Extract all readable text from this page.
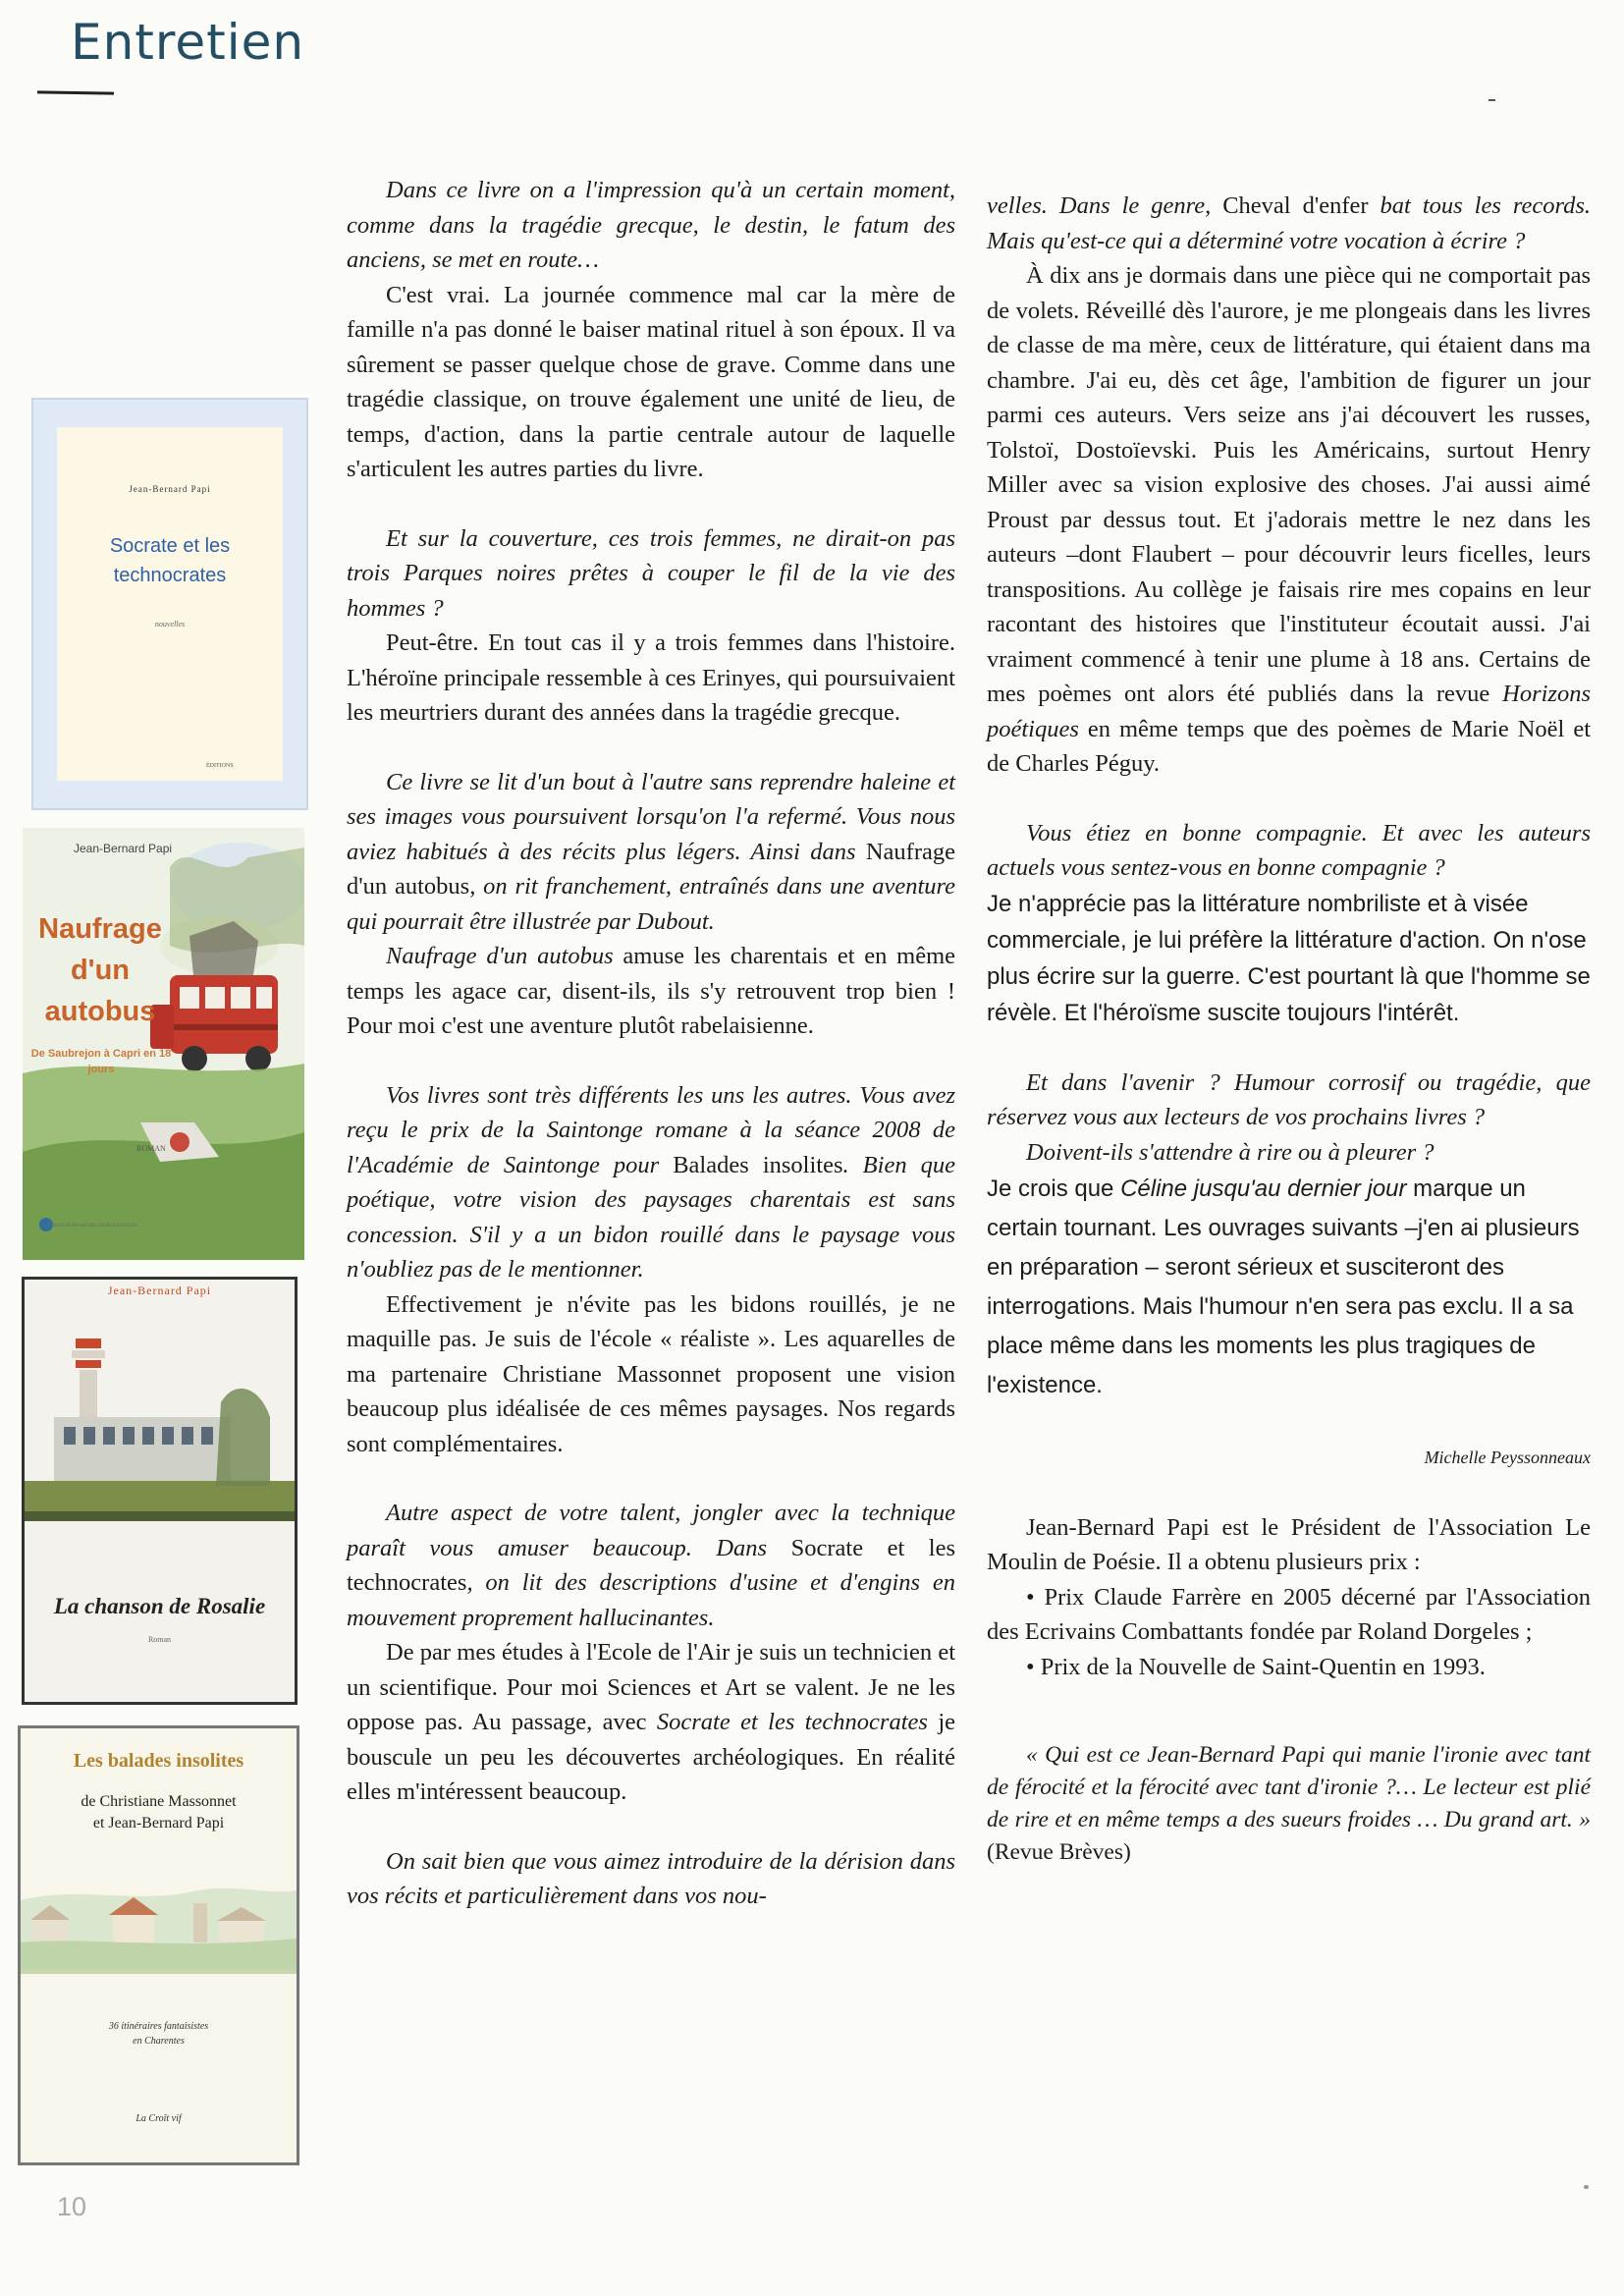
Entretien
Jean-Bernard Papi
Socrate et les technocrates
nouvelles
ÉDITIONS
Jean-Bernard Papi
Naufrage d'un autobus
De Saubrejon à Capri en 18 jours
ROMAN
ÉDITIONS JEAN-MICHEL BORDESSOULES
Jean-Bernard Papi
La chanson de Rosalie
Roman
Les balades insolites
de Christiane Massonnet
et Jean-Bernard Papi
36 itinéraires fantaisistes
en Charentes
La Croît vif

Dans ce livre on a l'impression qu'à un certain moment, comme dans la tragédie grecque, le destin, le fatum des anciens, se met en route…

C'est vrai. La journée commence mal car la mère de famille n'a pas donné le baiser matinal rituel à son époux. Il va sûrement se passer quelque chose de grave. Comme dans une tragédie classique, on trouve également une unité de lieu, de temps, d'action, dans la partie centrale autour de laquelle s'articulent les autres parties du livre.

Et sur la couverture, ces trois femmes, ne dirait-on pas trois Parques noires prêtes à couper le fil de la vie des hommes ?

Peut-être. En tout cas il y a trois femmes dans l'histoire. L'héroïne principale ressemble à ces Erinyes, qui poursuivaient les meurtriers durant des années dans la tragédie grecque.

Ce livre se lit d'un bout à l'autre sans reprendre haleine et ses images vous poursuivent lorsqu'on l'a refermé. Vous nous aviez habitués à des récits plus légers. Ainsi dans Naufrage d'un autobus, on rit franchement, entraînés dans une aventure qui pourrait être illustrée par Dubout.

Naufrage d'un autobus amuse les charentais et en même temps les agace car, disent-ils, ils s'y retrouvent trop bien ! Pour moi c'est une aventure plutôt rabelaisienne.

Vos livres sont très différents les uns les autres. Vous avez reçu le prix de la Saintonge romane à la séance 2008 de l'Académie de Saintonge pour Balades insolites. Bien que poétique, votre vision des paysages charentais est sans concession. S'il y a un bidon rouillé dans le paysage vous n'oubliez pas de le mentionner.

Effectivement je n'évite pas les bidons rouillés, je ne maquille pas. Je suis de l'école « réaliste ». Les aquarelles de ma partenaire Christiane Massonnet proposent une vision beaucoup plus idéalisée de ces mêmes paysages. Nos regards sont complémentaires.

Autre aspect de votre talent, jongler avec la technique paraît vous amuser beaucoup. Dans Socrate et les technocrates, on lit des descriptions d'usine et d'engins en mouvement proprement hallucinantes.

De par mes études à l'Ecole de l'Air je suis un technicien et un scientifique. Pour moi Sciences et Art se valent. Je ne les oppose pas. Au passage, avec Socrate et les technocrates je bouscule un peu les découvertes archéologiques. En réalité elles m'intéressent beaucoup.

On sait bien que vous aimez introduire de la dérision dans vos récits et particulièrement dans vos nou-

velles. Dans le genre, Cheval d'enfer bat tous les records. Mais qu'est-ce qui a déterminé votre vocation à écrire ?

À dix ans je dormais dans une pièce qui ne comportait pas de volets. Réveillé dès l'aurore, je me plongeais dans les livres de classe de ma mère, ceux de littérature, qui étaient dans ma chambre. J'ai eu, dès cet âge, l'ambition de figurer un jour parmi ces auteurs. Vers seize ans j'ai découvert les russes, Tolstoï, Dostoïevski. Puis les Américains, surtout Henry Miller avec sa vision explosive des choses. J'ai aussi aimé Proust par dessus tout. Et j'adorais mettre le nez dans les auteurs –dont Flaubert – pour découvrir leurs ficelles, leurs transpositions. Au collège je faisais rire mes copains en leur racontant des histoires que l'instituteur écoutait aussi. J'ai vraiment commencé à tenir une plume à 18 ans. Certains de mes poèmes ont alors été publiés dans la revue Horizons poétiques en même temps que des poèmes de Marie Noël et de Charles Péguy.

Vous étiez en bonne compagnie. Et avec les auteurs actuels vous sentez-vous en bonne compagnie ?

Je n'apprécie pas la littérature nombriliste et à visée commerciale, je lui préfère la littérature d'action. On n'ose plus écrire sur la guerre. C'est pourtant là que l'homme se révèle. Et l'héroïsme suscite toujours l'intérêt.

Et dans l'avenir ? Humour corrosif ou tragédie, que réservez vous aux lecteurs de vos prochains livres ?

Doivent-ils s'attendre à rire ou à pleurer ?

Je crois que Céline jusqu'au dernier jour marque un certain tournant. Les ouvrages suivants –j'en ai plusieurs en préparation – seront sérieux et susciteront des interrogations. Mais l'humour n'en sera pas exclu. Il a sa place même dans les moments les plus tragiques de l'existence.

Michelle Peyssonneaux

Jean-Bernard Papi est le Président de l'Association Le Moulin de Poésie. Il a obtenu plusieurs prix :

• Prix Claude Farrère en 2005 décerné par l'Association des Ecrivains Combattants fondée par Roland Dorgeles ;

• Prix de la Nouvelle de Saint-Quentin en 1993.

« Qui est ce Jean-Bernard Papi qui manie l'ironie avec tant de férocité et la férocité avec tant d'ironie ?… Le lecteur est plié de rire et en même temps a des sueurs froides … Du grand art. » (Revue Brèves)

10
